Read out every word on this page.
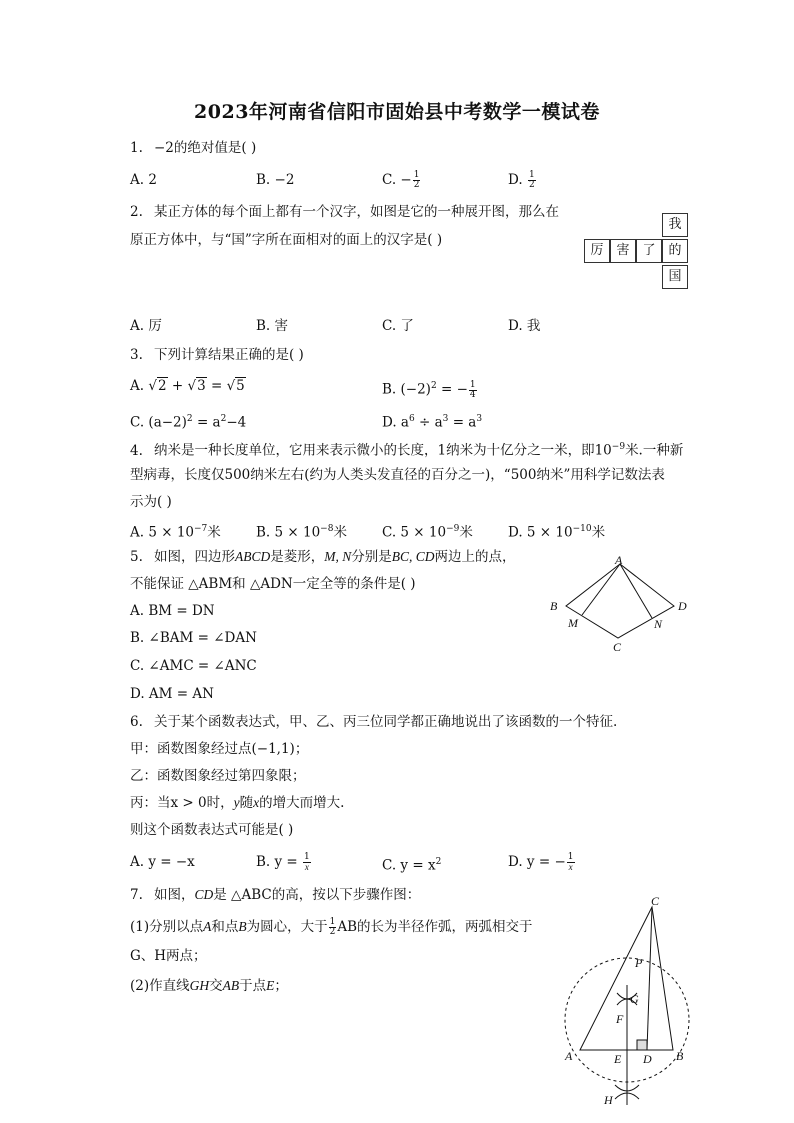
2023年河南省信阳市固始县中考数学一模试卷
1. −2的绝对值是( )
A. 2	B. −2	C. − $\frac{1}{2}$	D. $\frac{1}{2}$
2. 某正方体的每个面上都有一个汉字，如图是它的一种展开图，那么在
原正方体中，与“国”字所在面相对的面上的汉字是( )
我
厉 害 了 的
国
A. 厉	B. 害	C. 了	D. 我
3. 下列计算结果正确的是( )
A. √2 + √3 = √5	B. $(-2)^2$ = − $\frac{1}{4}$
C. $(a-2)^2 = a^2-4$	D. $a^6 \div a^3 = a^3$
4. 纳米是一种长度单位，它用来表示微小的长度，1纳米为十亿分之一米，即$10^{-9}$米.一种新
型病毒，长度仅500纳米左右(约为人类头发直径的百分之一)，“500纳米”用科学记数法表
示为( )
A. $5 \times 10^{-7}$米	B. $5 \times 10^{-8}$米	C. $5 \times 10^{-9}$米	D. $5 \times 10^{-10}$米
5. 如图，四边形ABCD是菱形，M, N分别是BC, CD两边上的点，
不能保证 △ABM和 △ADN一定全等的条件是( )
A. BM = DN
B. ∠BAM = ∠DAN
C. ∠AMC = ∠ANC
D. AM = AN
A
B	D
M	N
C
6. 关于某个函数表达式，甲、乙、丙三位同学都正确地说出了该函数的一个特征.
甲：函数图象经过点(−1,1)；
乙：函数图象经过第四象限；
丙：当x > 0时，y随x的增大而增大.
则这个函数表达式可能是( )
A. y = −x	B. $y = \frac{1}{x}$	C. $y = x^2$	D. y = − $\frac{1}{x}$
7. 如图，CD是 △ABC的高，按以下步骤作图：
(1)分别以点A和点B为圆心，大于 $\frac{1}{2}$ AB的长为半径作弧，两弧相交于
G、H两点；
(2)作直线GH交AB于点E；
C
P
G
F
A	E D B
H
